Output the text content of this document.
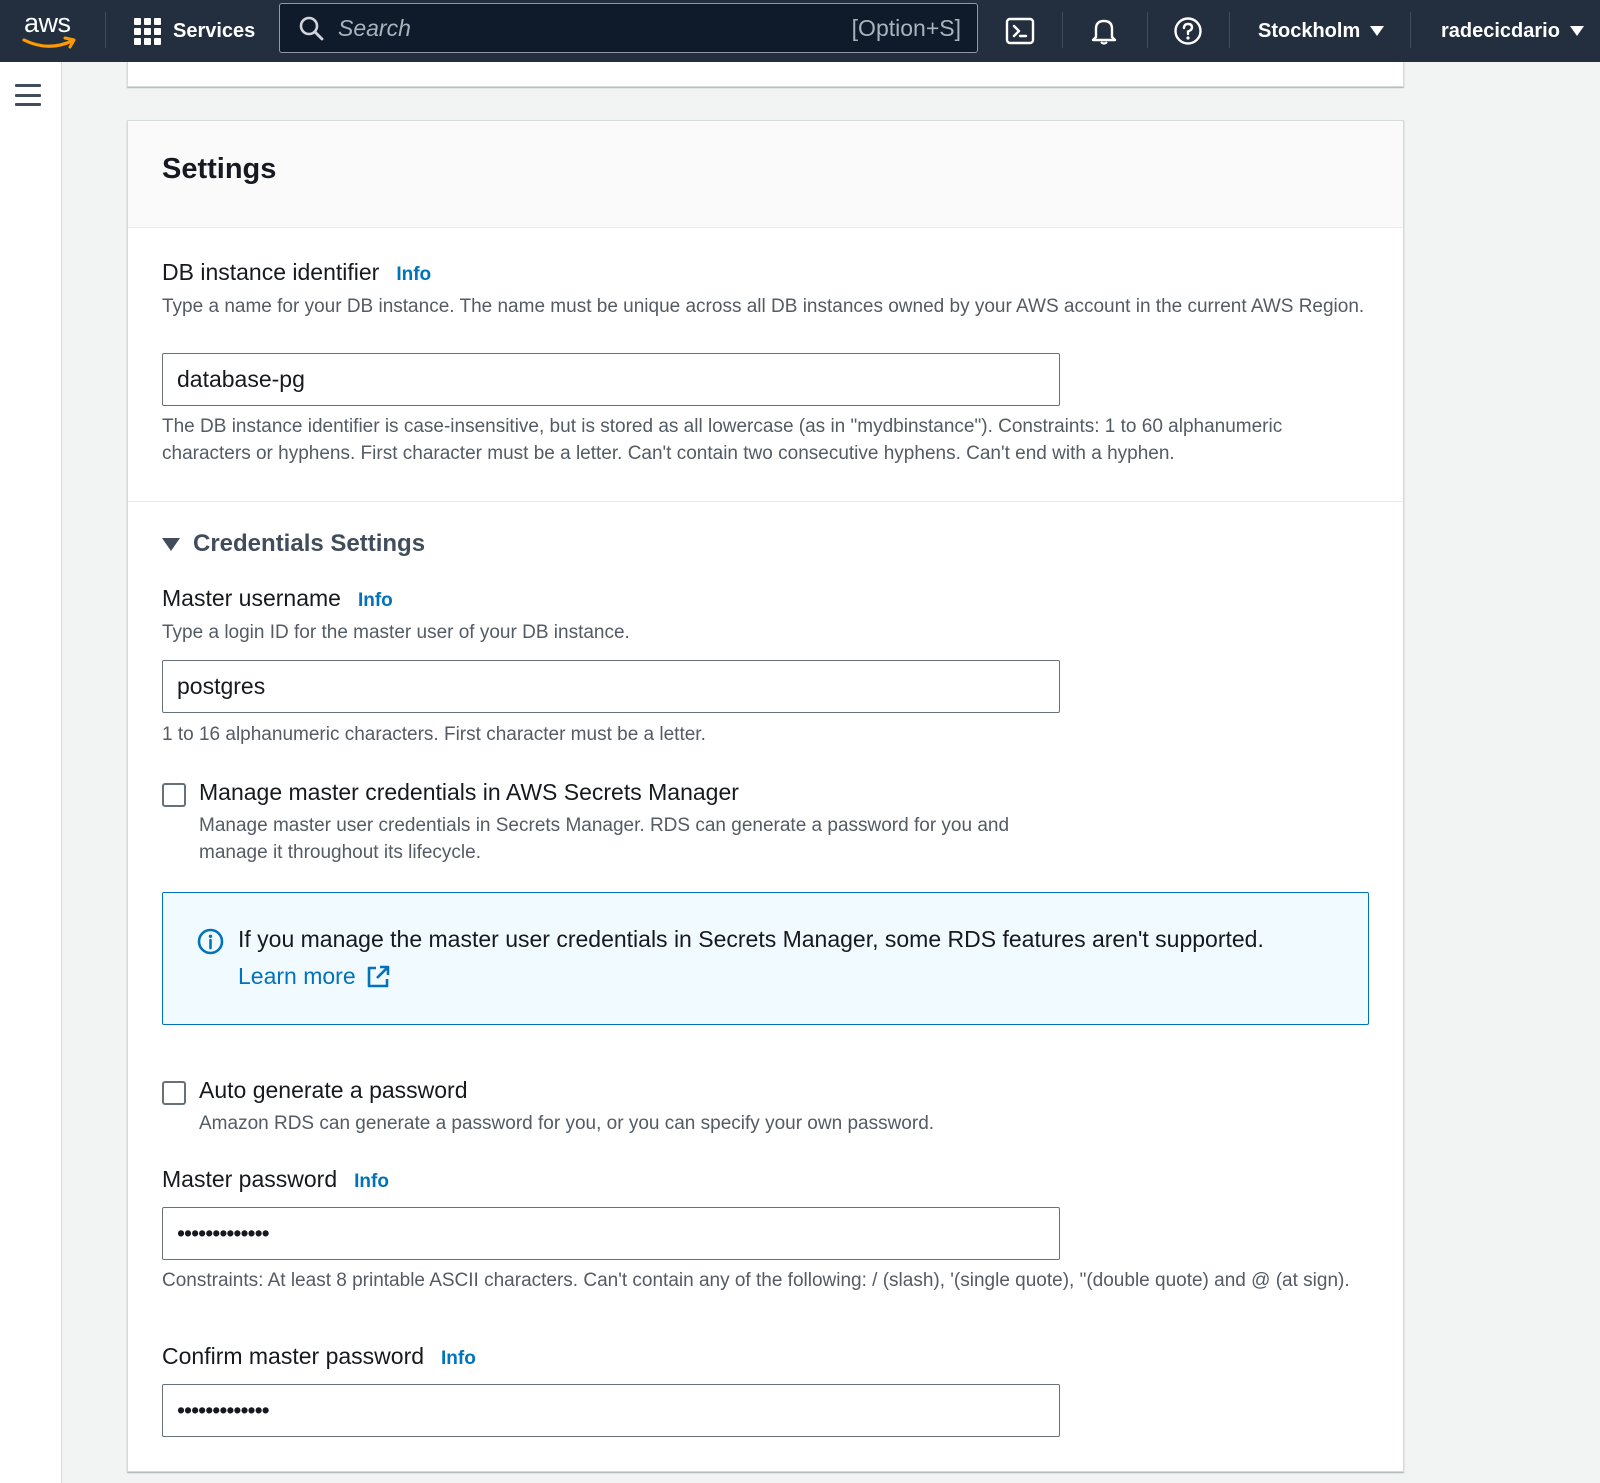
aws	Services	Search	[Option+S]	Stockholm	radecicdario
Settings
DB instance identifier Info
Type a name for your DB instance. The name must be unique across all DB instances owned by your AWS account in the current AWS Region.
database-pg
The DB instance identifier is case-insensitive, but is stored as all lowercase (as in "mydbinstance"). Constraints: 1 to 60 alphanumeric characters or hyphens. First character must be a letter. Can't contain two consecutive hyphens. Can't end with a hyphen.
Credentials Settings
Master username Info
Type a login ID for the master user of your DB instance.
postgres
1 to 16 alphanumeric characters. First character must be a letter.
Manage master credentials in AWS Secrets Manager
Manage master user credentials in Secrets Manager. RDS can generate a password for you and manage it throughout its lifecycle.
If you manage the master user credentials in Secrets Manager, some RDS features aren't supported.
Learn more
Auto generate a password
Amazon RDS can generate a password for you, or you can specify your own password.
Master password Info
•••••••••••••
Constraints: At least 8 printable ASCII characters. Can't contain any of the following: / (slash), '(single quote), "(double quote) and @ (at sign).
Confirm master password Info
•••••••••••••
